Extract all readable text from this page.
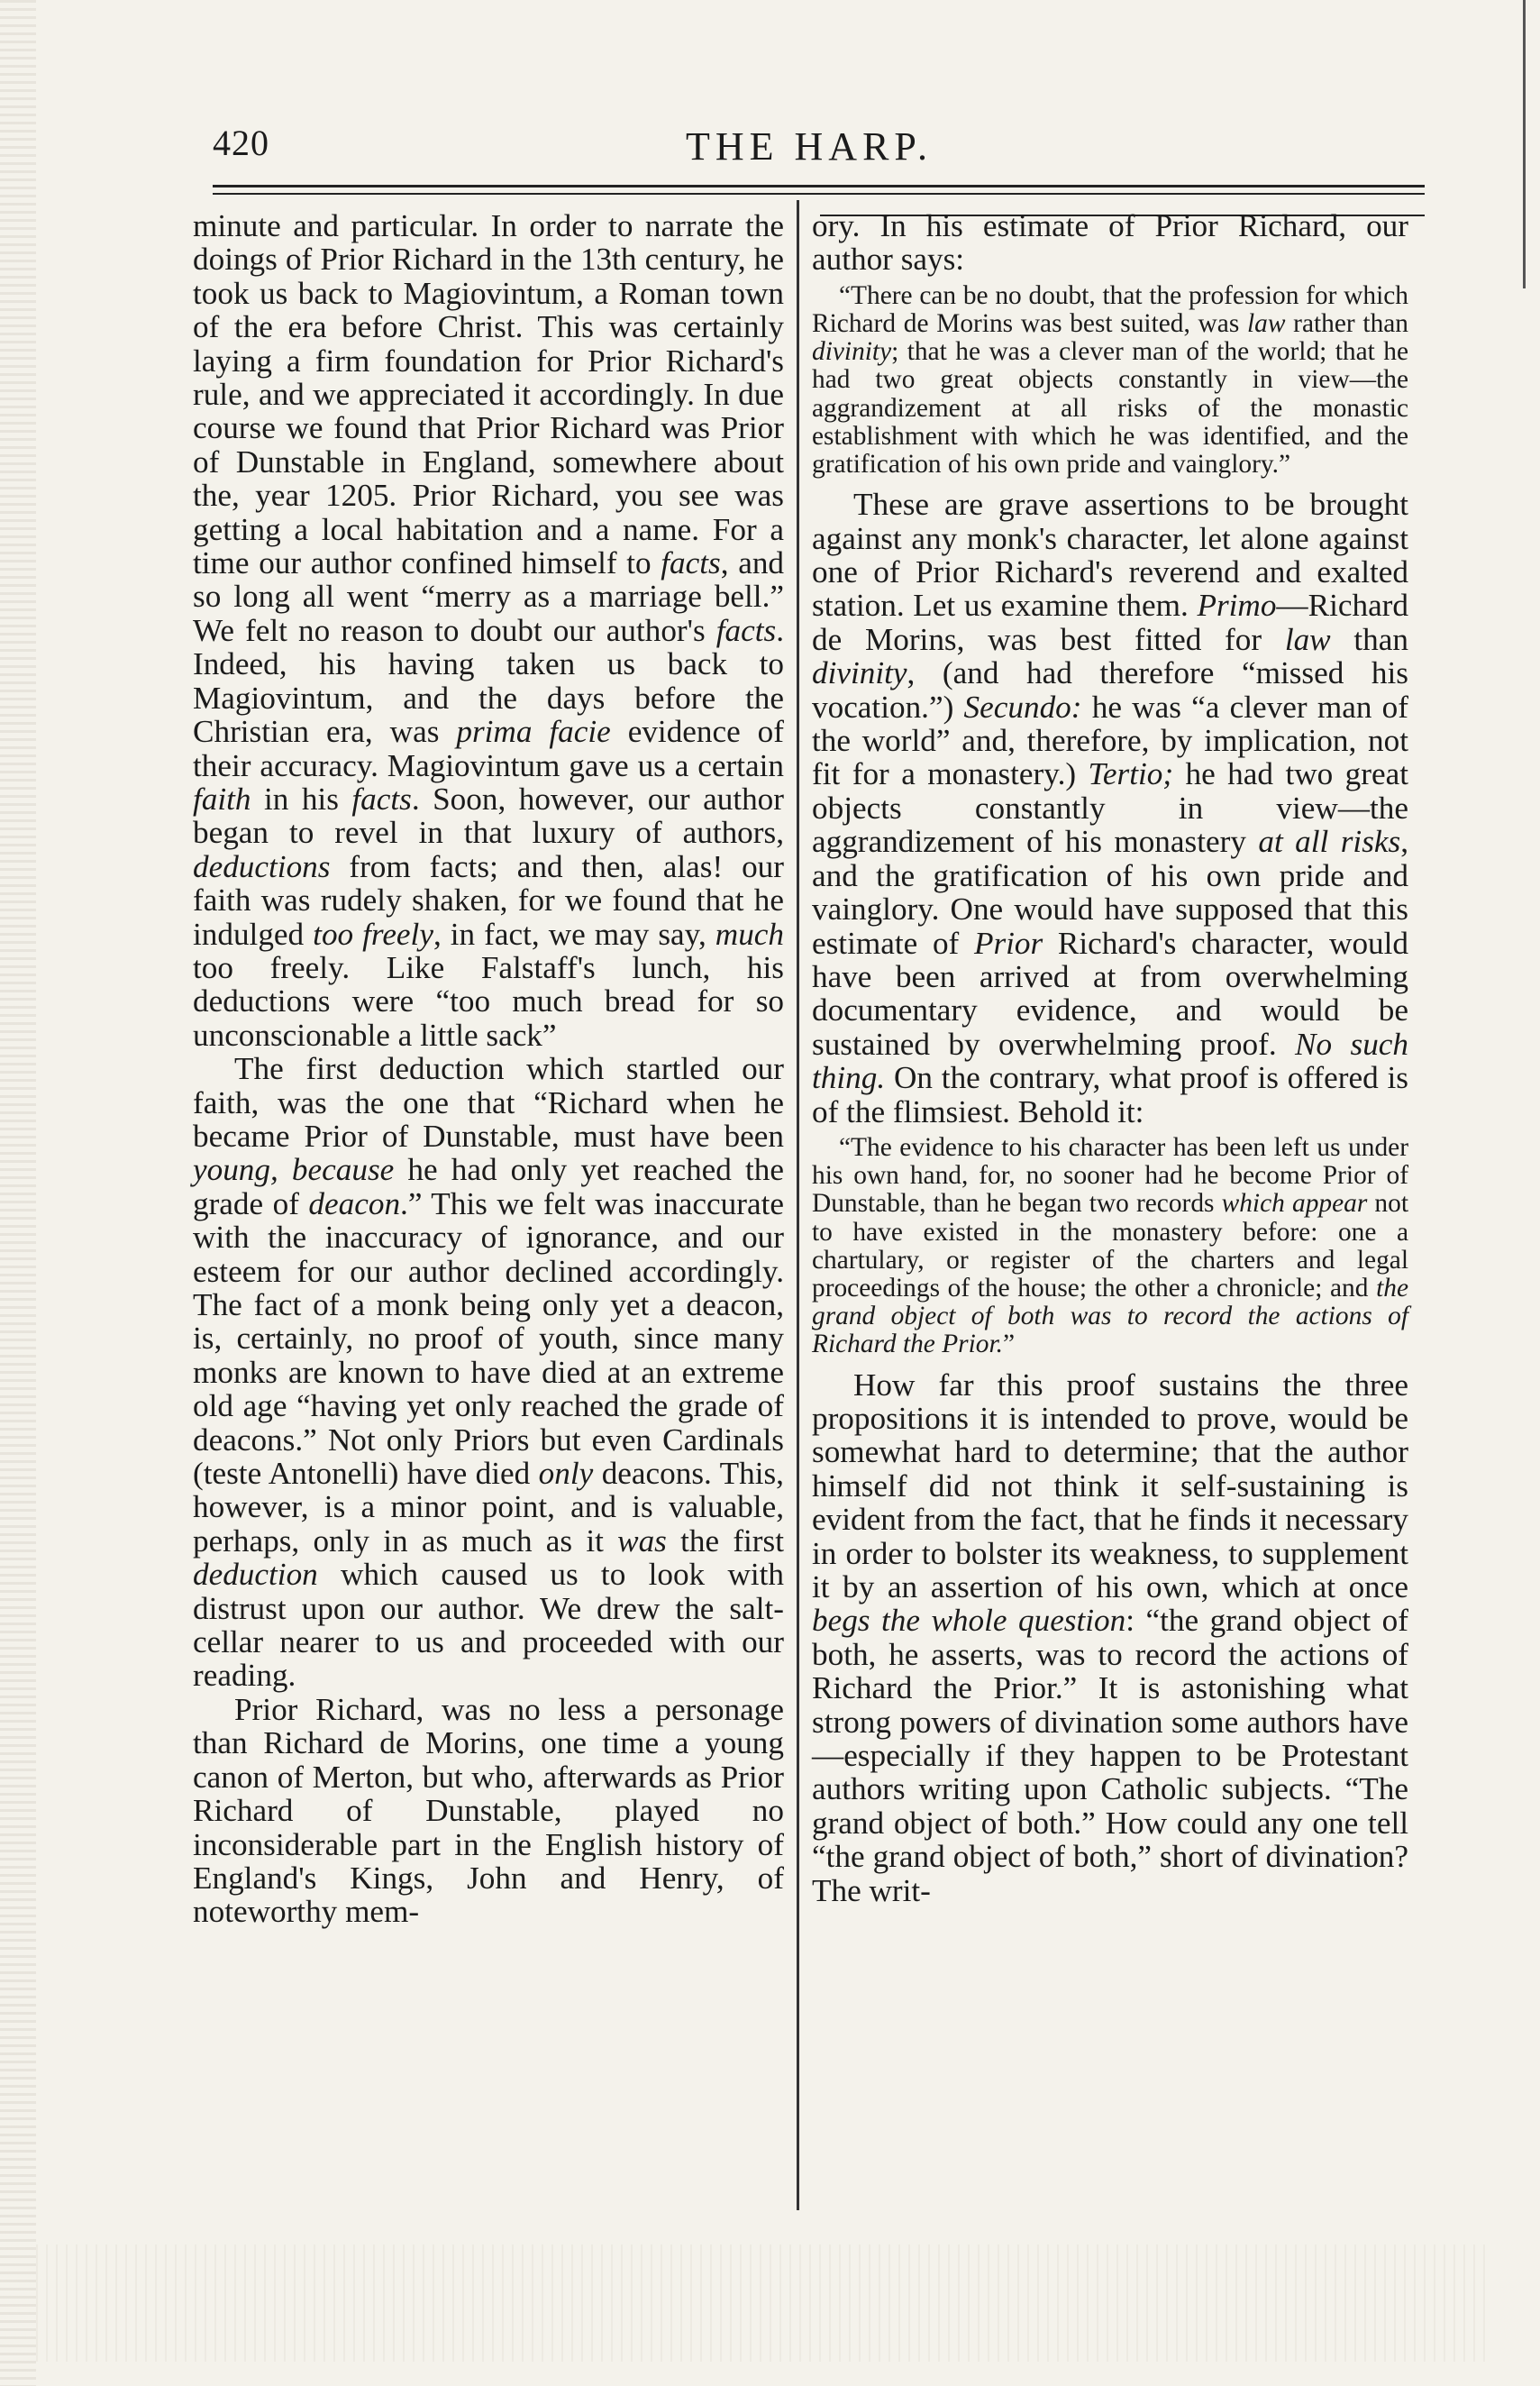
420	THE HARP.

minute and particular. In order to narrate the doings of Prior Richard in the 13th century, he took us back to Magiovintum, a Roman town of the era before Christ. This was certainly laying a firm foundation for Prior Richard's rule, and we appreciated it accordingly. In due course we found that Prior Richard was Prior of Dunstable in England, somewhere about the, year 1205. Prior Richard, you see was getting a local habitation and a name. For a time our author confined himself to facts, and so long all went “merry as a marriage bell.” We felt no reason to doubt our author's facts. Indeed, his having taken us back to Magiovintum, and the days before the Christian era, was prima facie evidence of their accuracy. Magiovintum gave us a certain faith in his facts. Soon, however, our author began to revel in that luxury of authors, deductions from facts; and then, alas! our faith was rudely shaken, for we found that he indulged too freely, in fact, we may say, much too freely. Like Falstaff's lunch, his deductions were “too much bread for so unconscionable a little sack”

The first deduction which startled our faith, was the one that “Richard when he became Prior of Dunstable, must have been young, because he had only yet reached the grade of deacon.” This we felt was inaccurate with the inaccuracy of ignorance, and our esteem for our author declined accordingly. The fact of a monk being only yet a deacon, is, certainly, no proof of youth, since many monks are known to have died at an extreme old age “having yet only reached the grade of deacons.” Not only Priors but even Cardinals (teste Antonelli) have died only deacons. This, however, is a minor point, and is valuable, perhaps, only in as much as it was the first deduction which caused us to look with distrust upon our author. We drew the salt-cellar nearer to us and proceeded with our reading.

Prior Richard, was no less a personage than Richard de Morins, one time a young canon of Merton, but who, afterwards as Prior Richard of Dunstable, played no inconsiderable part in the English history of England's Kings, John and Henry, of noteworthy mem-

ory. In his estimate of Prior Richard, our author says:

“There can be no doubt, that the profession for which Richard de Morins was best suited, was law rather than divinity; that he was a clever man of the world; that he had two great objects constantly in view—the aggrandizement at all risks of the monastic establishment with which he was identified, and the gratification of his own pride and vainglory.”

These are grave assertions to be brought against any monk's character, let alone against one of Prior Richard's reverend and exalted station. Let us examine them. Primo—Richard de Morins, was best fitted for law than divinity, (and had therefore “missed his vocation.”) Secundo: he was “a clever man of the world” and, therefore, by implication, not fit for a monastery.) Tertio; he had two great objects constantly in view—the aggrandizement of his monastery at all risks, and the gratification of his own pride and vainglory. One would have supposed that this estimate of Prior Richard's character, would have been arrived at from overwhelming documentary evidence, and would be sustained by overwhelming proof. No such thing. On the contrary, what proof is offered is of the flimsiest. Behold it:

“The evidence to his character has been left us under his own hand, for, no sooner had he become Prior of Dunstable, than he began two records which appear not to have existed in the monastery before: one a chartulary, or register of the charters and legal proceedings of the house; the other a chronicle; and the grand object of both was to record the actions of Richard the Prior.”

How far this proof sustains the three propositions it is intended to prove, would be somewhat hard to determine; that the author himself did not think it self-sustaining is evident from the fact, that he finds it necessary in order to bolster its weakness, to supplement it by an assertion of his own, which at once begs the whole question: “the grand object of both, he asserts, was to record the actions of Richard the Prior.” It is astonishing what strong powers of divination some authors have—especially if they happen to be Protestant authors writing upon Catholic subjects. “The grand object of both.” How could any one tell “the grand object of both,” short of divination? The writ-
